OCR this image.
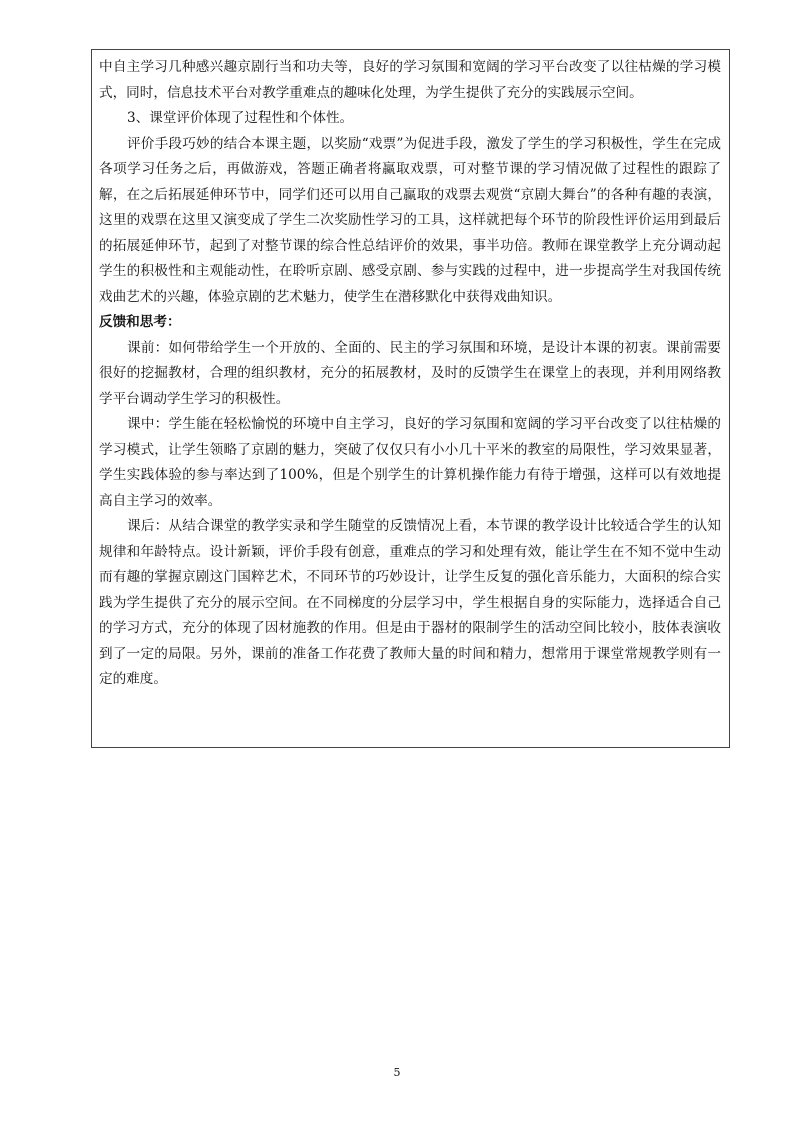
中自主学习几种感兴趣京剧行当和功夫等，良好的学习氛围和宽阔的学习平台改变了以往枯燥的学习模式，同时，信息技术平台对教学重难点的趣味化处理，为学生提供了充分的实践展示空间。

3、课堂评价体现了过程性和个体性。

评价手段巧妙的结合本课主题，以奖励“戏票”为促进手段，激发了学生的学习积极性，学生在完成各项学习任务之后，再做游戏，答题正确者将赢取戏票，可对整节课的学习情况做了过程性的跟踪了解，在之后拓展延伸环节中，同学们还可以用自己赢取的戏票去观赏“京剧大舞台”的各种有趣的表演，这里的戏票在这里又演变成了学生二次奖励性学习的工具，这样就把每个环节的阶段性评价运用到最后的拓展延伸环节，起到了对整节课的综合性总结评价的效果，事半功倍。教师在课堂教学上充分调动起学生的积极性和主观能动性，在聆听京剧、感受京剧、参与实践的过程中，进一步提高学生对我国传统戏曲艺术的兴趣，体验京剧的艺术魅力，使学生在潜移默化中获得戏曲知识。

反馈和思考：

课前：如何带给学生一个开放的、全面的、民主的学习氛围和环境，是设计本课的初衷。课前需要很好的挖掘教材，合理的组织教材，充分的拓展教材，及时的反馈学生在课堂上的表现，并利用网络教学平台调动学生学习的积极性。

课中：学生能在轻松愉悦的环境中自主学习，良好的学习氛围和宽阔的学习平台改变了以往枯燥的学习模式，让学生领略了京剧的魅力，突破了仅仅只有小小几十平米的教室的局限性，学习效果显著，学生实践体验的参与率达到了100%，但是个别学生的计算机操作能力有待于增强，这样可以有效地提高自主学习的效率。

课后：从结合课堂的教学实录和学生随堂的反馈情况上看，本节课的教学设计比较适合学生的认知规律和年龄特点。设计新颖，评价手段有创意，重难点的学习和处理有效，能让学生在不知不觉中生动而有趣的掌握京剧这门国粹艺术，不同环节的巧妙设计，让学生反复的强化音乐能力，大面积的综合实践为学生提供了充分的展示空间。在不同梯度的分层学习中，学生根据自身的实际能力，选择适合自己的学习方式，充分的体现了因材施教的作用。但是由于器材的限制学生的活动空间比较小，肢体表演收到了一定的局限。另外，课前的准备工作花费了教师大量的时间和精力，想常用于课堂常规教学则有一定的难度。

5
